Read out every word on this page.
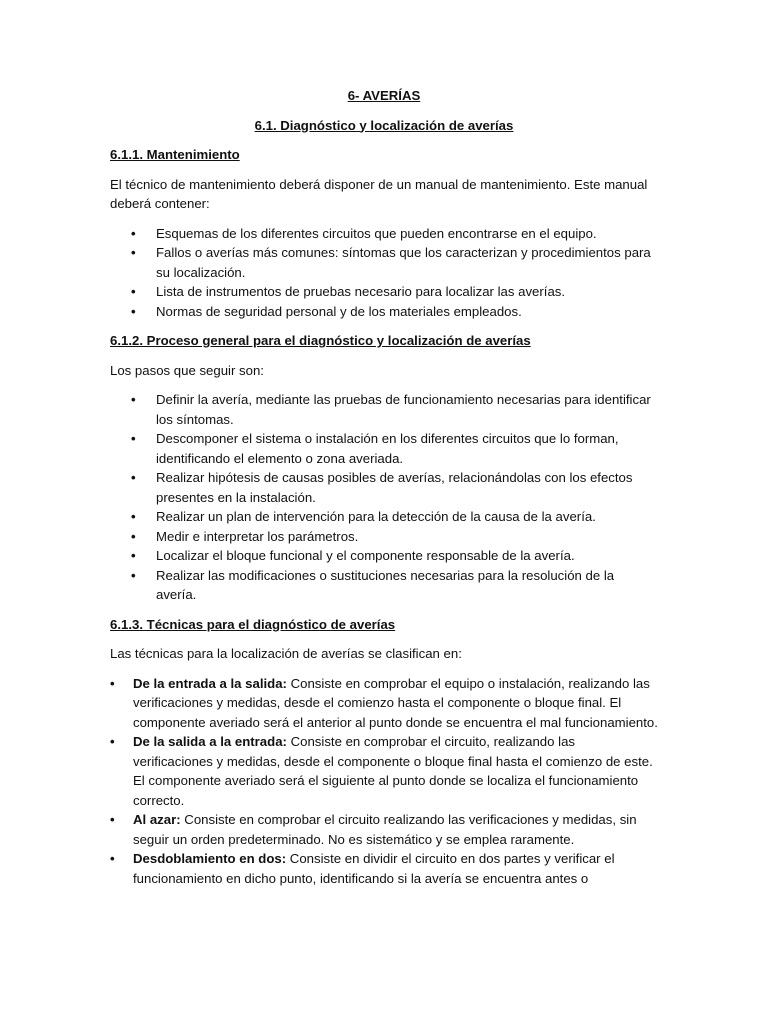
6- AVERÍAS
6.1. Diagnóstico y localización de averías
6.1.1. Mantenimiento

El técnico de mantenimiento deberá disponer de un manual de mantenimiento. Este manual deberá contener:

• Esquemas de los diferentes circuitos que pueden encontrarse en el equipo.
• Fallos o averías más comunes: síntomas que los caracterizan y procedimientos para su localización.
• Lista de instrumentos de pruebas necesario para localizar las averías.
• Normas de seguridad personal y de los materiales empleados.
6.1.2. Proceso general para el diagnóstico y localización de averías

Los pasos que seguir son:

• Definir la avería, mediante las pruebas de funcionamiento necesarias para identificar los síntomas.
• Descomponer el sistema o instalación en los diferentes circuitos que lo forman, identificando el elemento o zona averiada.
• Realizar hipótesis de causas posibles de averías, relacionándolas con los efectos presentes en la instalación.
• Realizar un plan de intervención para la detección de la causa de la avería.
• Medir e interpretar los parámetros.
• Localizar el bloque funcional y el componente responsable de la avería.
• Realizar las modificaciones o sustituciones necesarias para la resolución de la avería.
6.1.3. Técnicas para el diagnóstico de averías

Las técnicas para la localización de averías se clasifican en:

• De la entrada a la salida: Consiste en comprobar el equipo o instalación, realizando las verificaciones y medidas, desde el comienzo hasta el componente o bloque final. El componente averiado será el anterior al punto donde se encuentra el mal funcionamiento.
• De la salida a la entrada: Consiste en comprobar el circuito, realizando las verificaciones y medidas, desde el componente o bloque final hasta el comienzo de este. El componente averiado será el siguiente al punto donde se localiza el funcionamiento correcto.
• Al azar: Consiste en comprobar el circuito realizando las verificaciones y medidas, sin seguir un orden predeterminado. No es sistemático y se emplea raramente.
• Desdoblamiento en dos: Consiste en dividir el circuito en dos partes y verificar el funcionamiento en dicho punto, identificando si la avería se encuentra antes o
